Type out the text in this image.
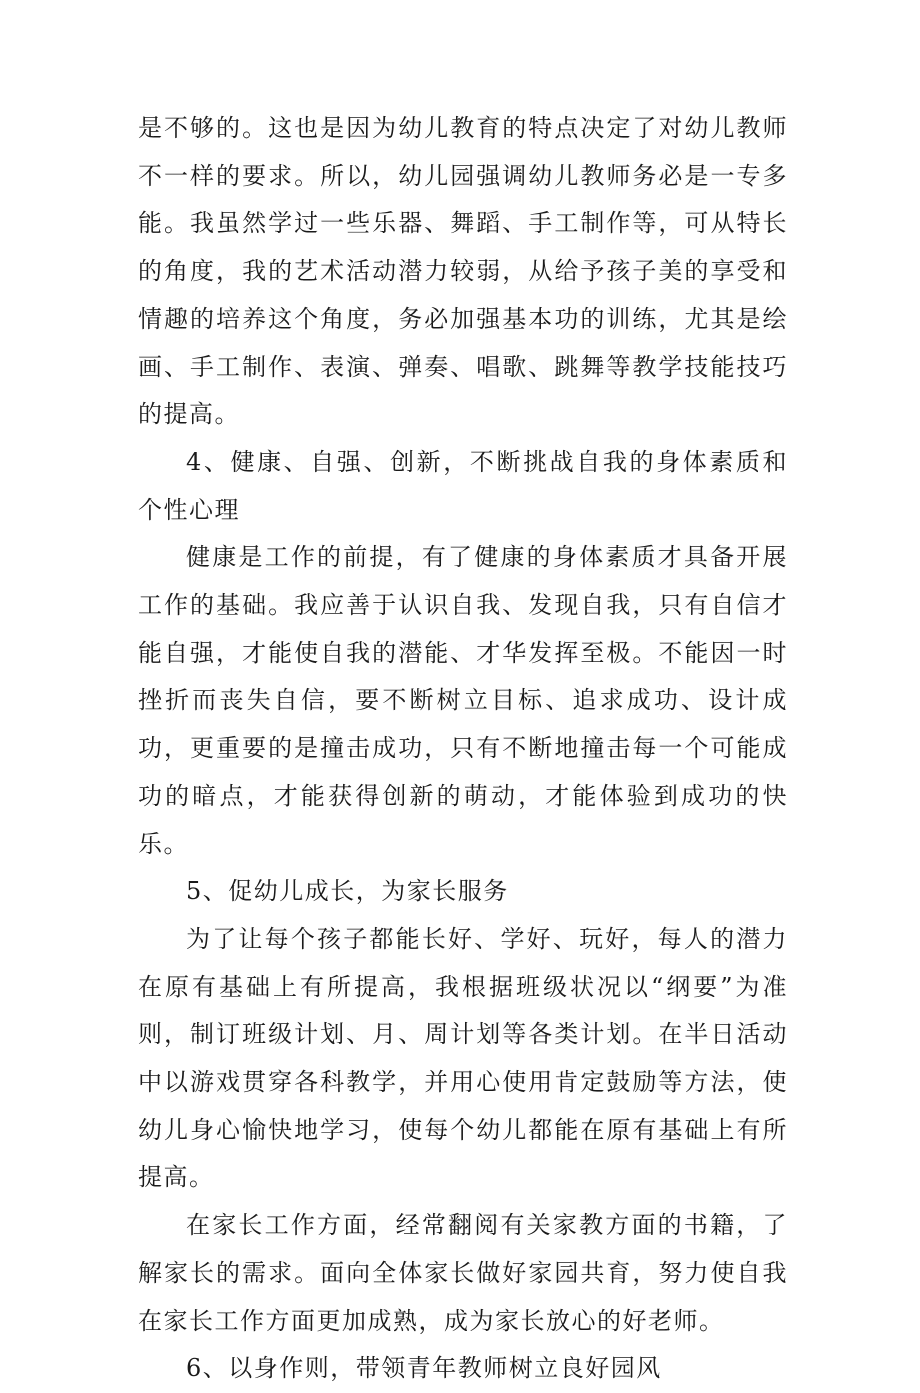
是不够的。这也是因为幼儿教育的特点决定了对幼儿教师不一样的要求。所以，幼儿园强调幼儿教师务必是一专多能。我虽然学过一些乐器、舞蹈、手工制作等，可从特长的角度，我的艺术活动潜力较弱，从给予孩子美的享受和情趣的培养这个角度，务必加强基本功的训练，尤其是绘画、手工制作、表演、弹奏、唱歌、跳舞等教学技能技巧的提高。

4、健康、自强、创新，不断挑战自我的身体素质和个性心理

健康是工作的前提，有了健康的身体素质才具备开展工作的基础。我应善于认识自我、发现自我，只有自信才能自强，才能使自我的潜能、才华发挥至极。不能因一时挫折而丧失自信，要不断树立目标、追求成功、设计成功，更重要的是撞击成功，只有不断地撞击每一个可能成功的暗点，才能获得创新的萌动，才能体验到成功的快乐。

5、促幼儿成长，为家长服务

为了让每个孩子都能长好、学好、玩好，每人的潜力在原有基础上有所提高，我根据班级状况以“纲要”为准则，制订班级计划、月、周计划等各类计划。在半日活动中以游戏贯穿各科教学，并用心使用肯定鼓励等方法，使幼儿身心愉快地学习，使每个幼儿都能在原有基础上有所提高。

在家长工作方面，经常翻阅有关家教方面的书籍，了解家长的需求。面向全体家长做好家园共育，努力使自我在家长工作方面更加成熟，成为家长放心的好老师。

6、以身作则，带领青年教师树立良好园风
